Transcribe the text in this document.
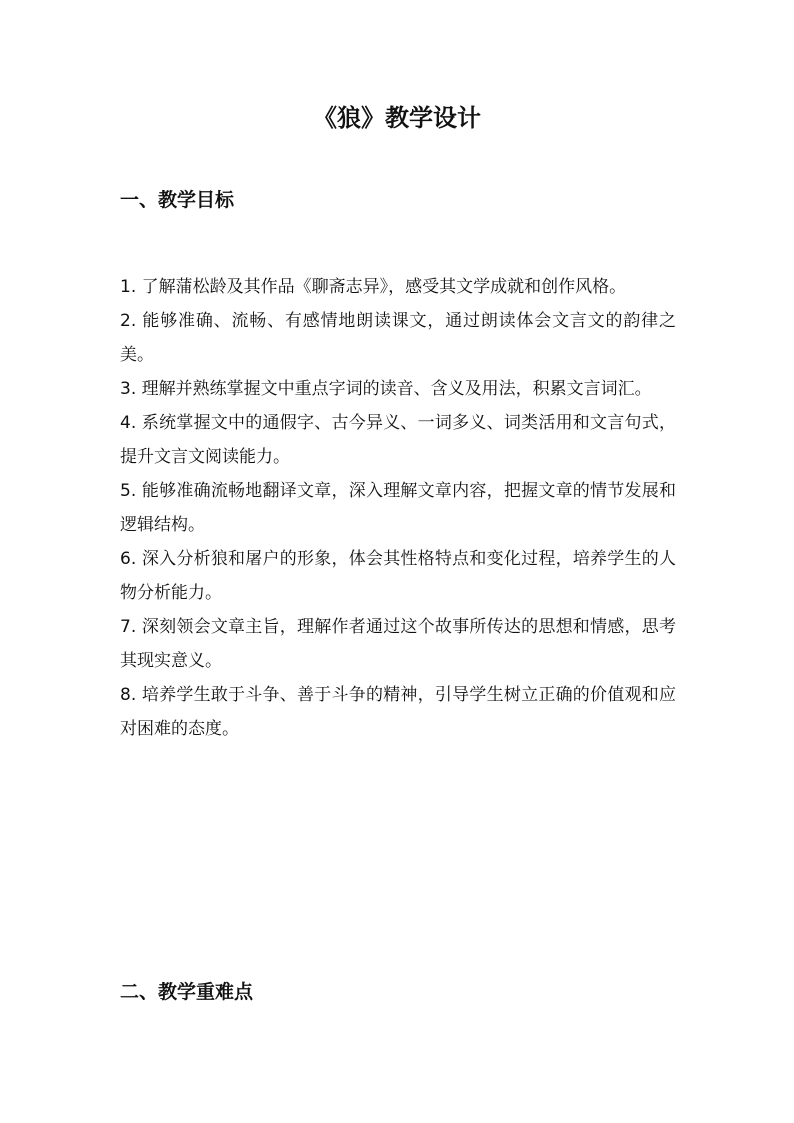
《狼》教学设计
一、教学目标
1. 了解蒲松龄及其作品《聊斋志异》，感受其文学成就和创作风格。
2. 能够准确、流畅、有感情地朗读课文，通过朗读体会文言文的韵律之美。
3. 理解并熟练掌握文中重点字词的读音、含义及用法，积累文言词汇。
4. 系统掌握文中的通假字、古今异义、一词多义、词类活用和文言句式，提升文言文阅读能力。
5. 能够准确流畅地翻译文章，深入理解文章内容，把握文章的情节发展和逻辑结构。
6. 深入分析狼和屠户的形象，体会其性格特点和变化过程，培养学生的人物分析能力。
7. 深刻领会文章主旨，理解作者通过这个故事所传达的思想和情感，思考其现实意义。
8. 培养学生敢于斗争、善于斗争的精神，引导学生树立正确的价值观和应对困难的态度。
二、教学重难点
